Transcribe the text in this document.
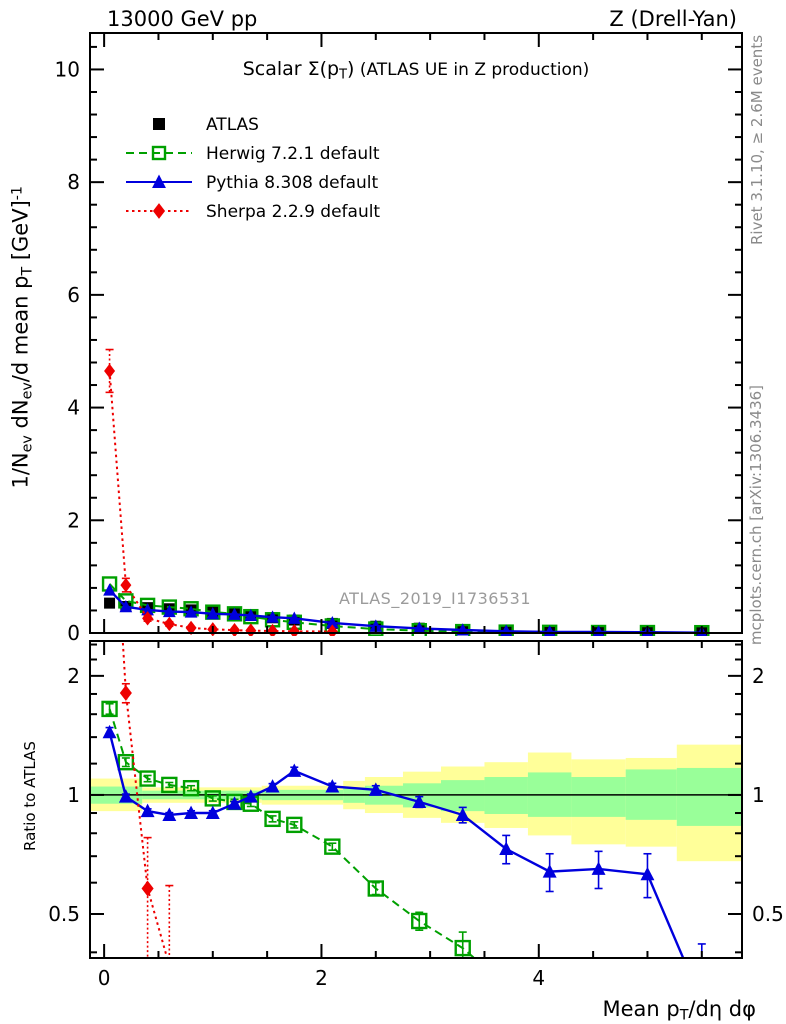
13000 GeV pp	Z (Drell-Yan)
Scalar $\Sigma(p_T)$ (ATLAS UE in Z production)
$1/N_{ev}$ $dN_{ev}/d$ mean $p_T$ [GeV]$^{-1}$
Ratio to ATLAS
Mean $p_T/d\eta$ dφ
ATLAS_2019_I1736531
Rivet 3.1.10, ≥ 2.6M events
mcplots.cern.ch [arXiv:1306.3436]
0
2
4
6
8
10
0.5
1
2
0.5
1
2
0	2	4
ATLAS
Herwig 7.2.1 default
Pythia 8.308 default
Sherpa 2.2.9 default
